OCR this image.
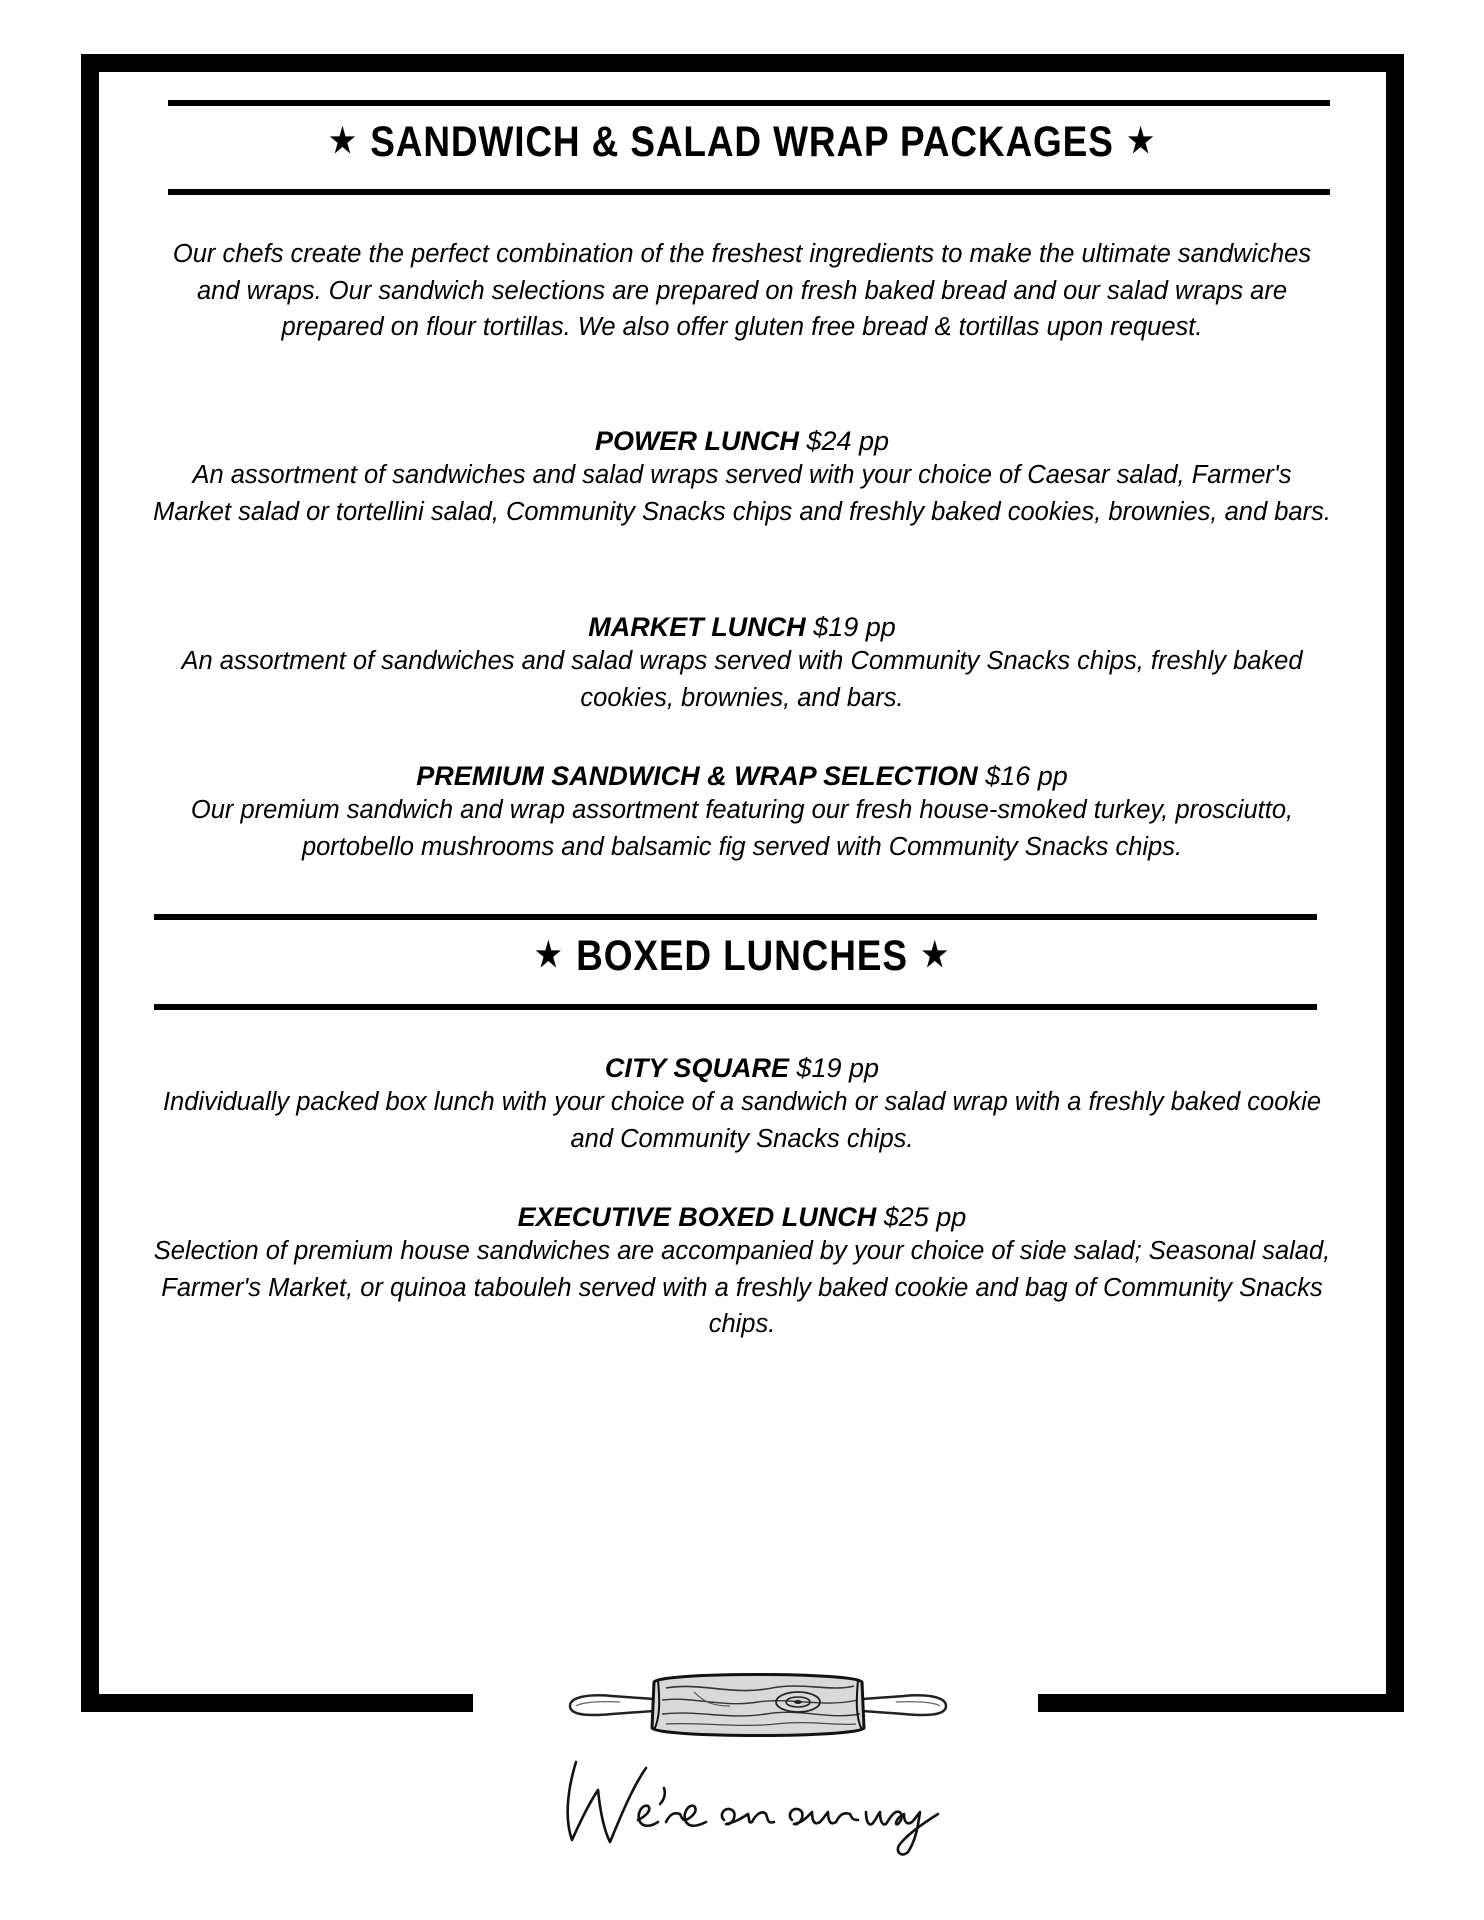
★ SANDWICH & SALAD WRAP PACKAGES ★
Our chefs create the perfect combination of the freshest ingredients to make the ultimate sandwiches and wraps. Our sandwich selections are prepared on fresh baked bread and our salad wraps are prepared on flour tortillas. We also offer gluten free bread & tortillas upon request.
POWER LUNCH $24 pp
An assortment of sandwiches and salad wraps served with your choice of Caesar salad, Farmer's Market salad or tortellini salad, Community Snacks chips and freshly baked cookies, brownies, and bars.
MARKET LUNCH $19 pp
An assortment of sandwiches and salad wraps served with Community Snacks chips, freshly baked cookies, brownies, and bars.
PREMIUM SANDWICH & WRAP SELECTION $16 pp
Our premium sandwich and wrap assortment featuring our fresh house-smoked turkey, prosciutto, portobello mushrooms and balsamic fig served with Community Snacks chips.
★ BOXED LUNCHES ★
CITY SQUARE $19 pp
Individually packed box lunch with your choice of a sandwich or salad wrap with a freshly baked cookie and Community Snacks chips.
EXECUTIVE BOXED LUNCH $25 pp
Selection of premium house sandwiches are accompanied by your choice of side salad; Seasonal salad, Farmer's Market, or quinoa tabouleh served with a freshly baked cookie and bag of Community Snacks chips.
